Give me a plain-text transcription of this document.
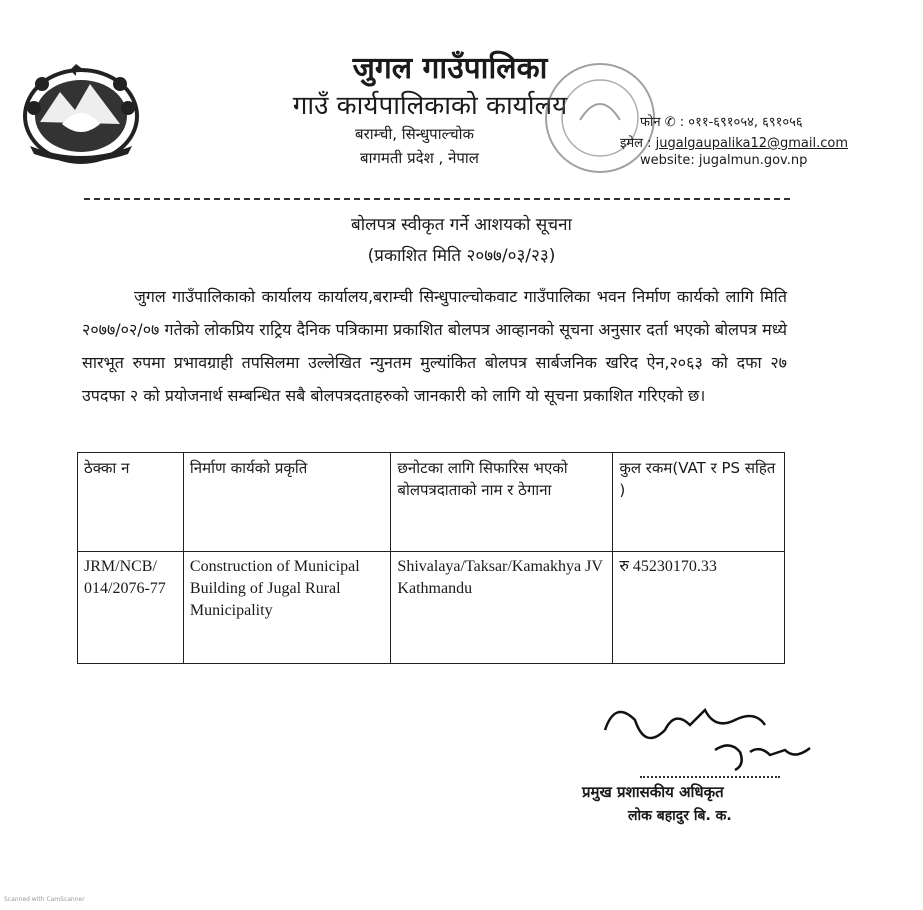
जुगल गाउँपालिका
गाउँ कार्यपालिकाको कार्यालय
बराम्ची, सिन्धुपाल्चोक
बागमती प्रदेश , नेपाल
फोन ✆ : ०११-६९१०५४, ६९१०५६
इमेल : jugalgaupalika12@gmail.com
website: jugalmun.gov.np
बोलपत्र स्वीकृत गर्ने आशयको सूचना
(प्रकाशित मिति २०७७/०३/२३)
जुगल गाउँपालिकाको कार्यालय कार्यालय,बराम्ची सिन्धुपाल्चोकवाट गाउँपालिका भवन निर्माण कार्यको लागि मिति २०७७/०२/०७ गतेको लोकप्रिय राट्रिय दैनिक पत्रिकामा प्रकाशित बोलपत्र आव्हानको सूचना अनुसार दर्ता भएको बोलपत्र मध्ये सारभूत रुपमा प्रभावग्राही तपसिलमा उल्लेखित न्युनतम मुल्यांकित बोलपत्र सार्बजनिक खरिद ऐन,२०६३ को दफा २७ उपदफा २ को प्रयोजनार्थ सम्बन्धित सबै बोलपत्रदताहरुको जानकारी को लागि यो सूचना प्रकाशित गरिएको छ।
ठेक्का न	निर्माण कार्यको प्रकृति	छनोटका लागि सिफारिस भएको बोलपत्रदाताको नाम र ठेगाना	कुल रकम(VAT र PS सहित )
JRM/NCB/ 014/2076-77	Construction of Municipal Building of Jugal Rural Municipality	Shivalaya/Taksar/Kamakhya JV Kathmandu	रु 45230170.33
प्रमुख प्रशासकीय अधिकृत
लोक बहादुर बि. क.
Scanned with CamScanner
